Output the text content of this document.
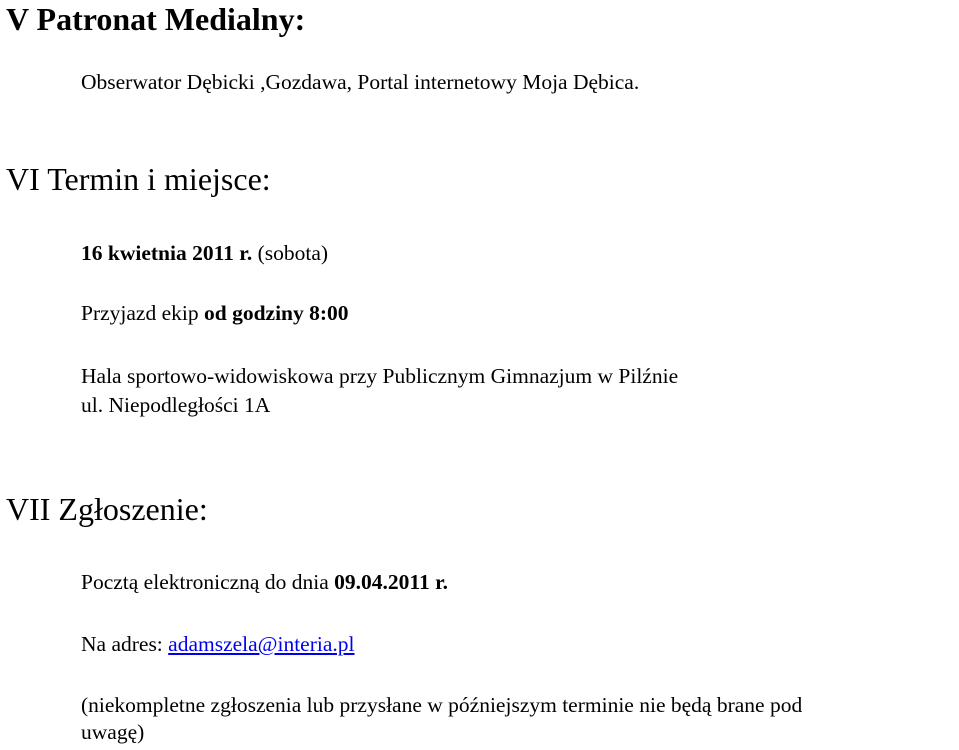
V Patronat Medialny:
Obserwator Dębicki ,Gozdawa, Portal internetowy Moja Dębica.
VI Termin i miejsce:
16 kwietnia 2011 r. (sobota)
Przyjazd ekip od godziny 8:00
Hala sportowo-widowiskowa przy Publicznym Gimnazjum w Pilźnie
ul. Niepodległości 1A
VII Zgłoszenie:
Pocztą elektroniczną do dnia 09.04.2011 r.
Na adres: adamszela@interia.pl
(niekompletne zgłoszenia lub przysłane w późniejszym terminie nie będą brane pod
uwagę)
